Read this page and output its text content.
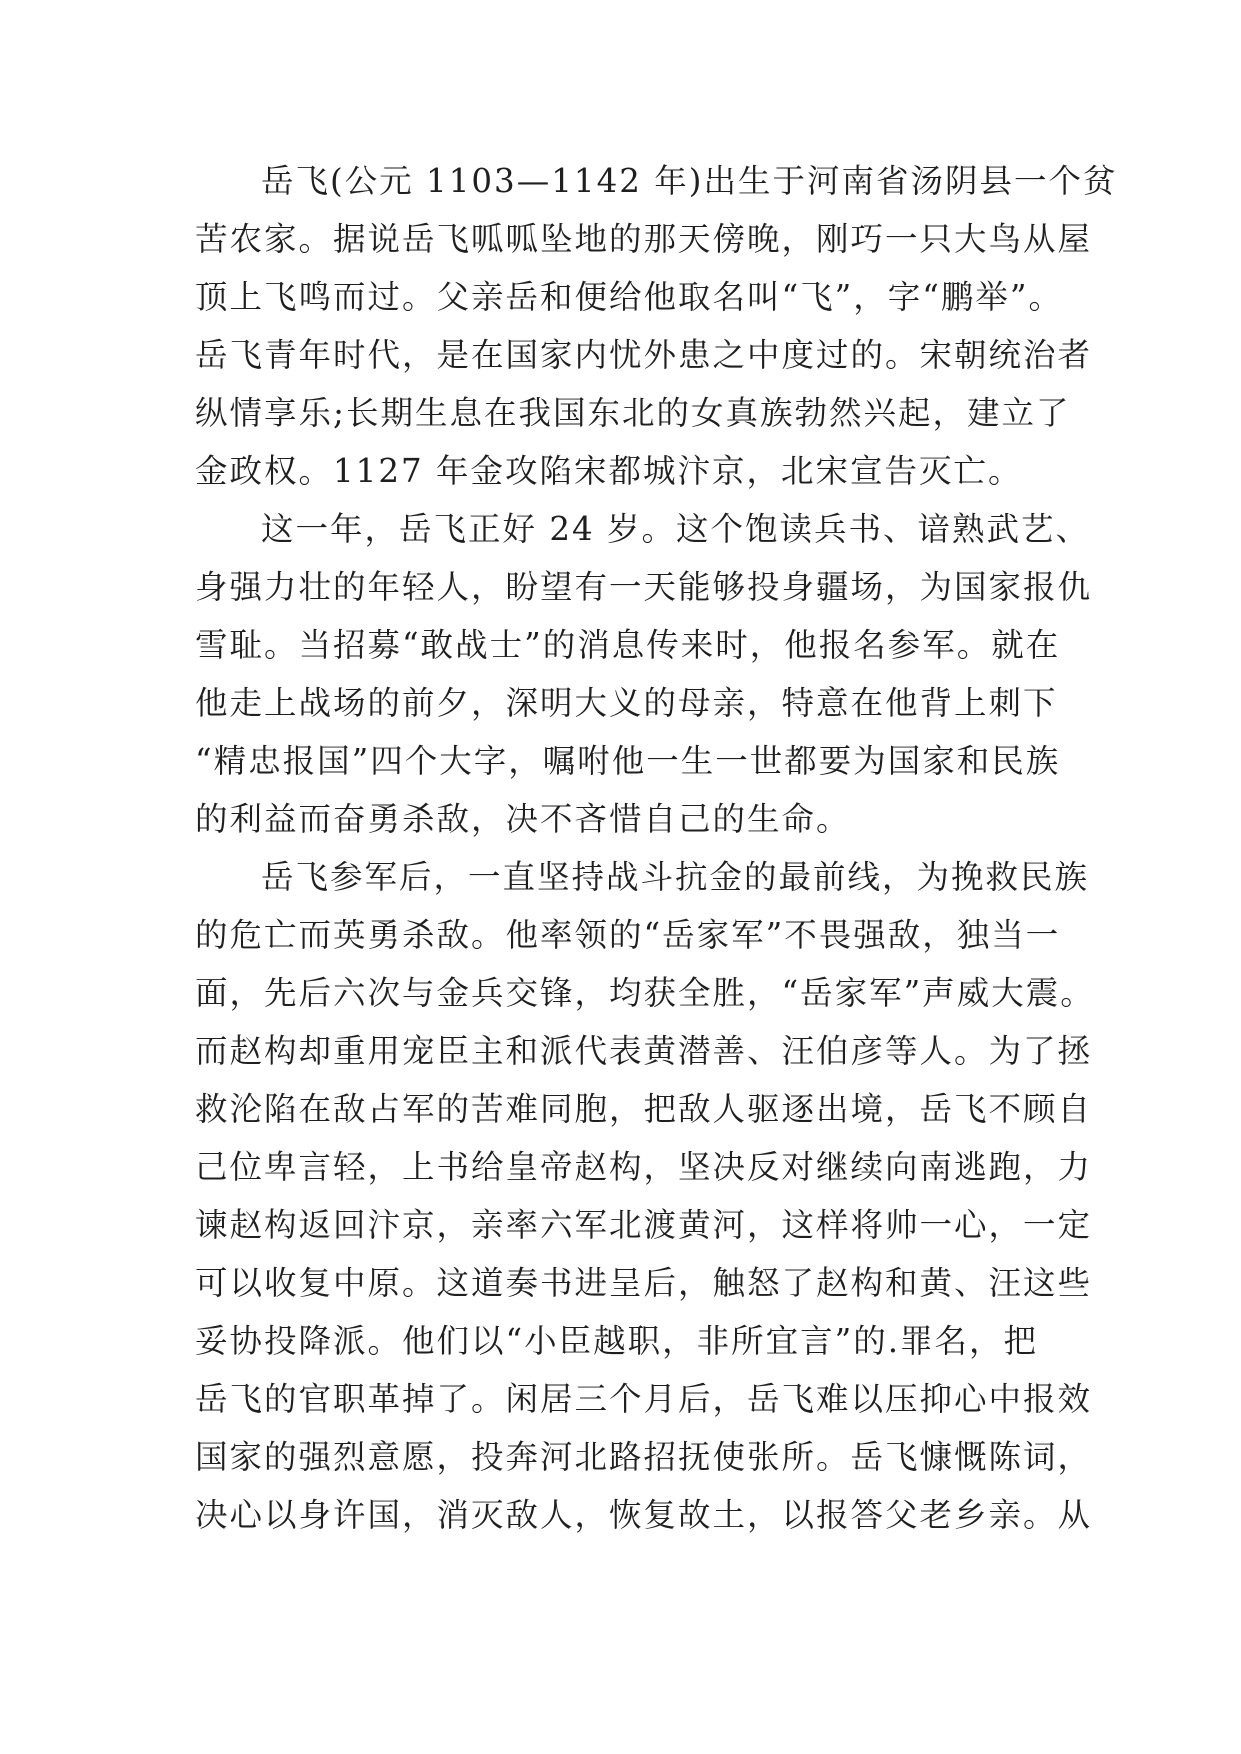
岳飞(公元 1103—1142 年)出生于河南省汤阴县一个贫
苦农家。据说岳飞呱呱坠地的那天傍晚，刚巧一只大鸟从屋
顶上飞鸣而过。父亲岳和便给他取名叫“飞”，字“鹏举”。
岳飞青年时代，是在国家内忧外患之中度过的。宋朝统治者
纵情享乐;长期生息在我国东北的女真族勃然兴起，建立了
金政权。1127 年金攻陷宋都城汴京，北宋宣告灭亡。
这一年，岳飞正好 24 岁。这个饱读兵书、谙熟武艺、
身强力壮的年轻人，盼望有一天能够投身疆场，为国家报仇
雪耻。当招募“敢战士”的消息传来时，他报名参军。就在
他走上战场的前夕，深明大义的母亲，特意在他背上刺下
“精忠报国”四个大字，嘱咐他一生一世都要为国家和民族
的利益而奋勇杀敌，决不吝惜自己的生命。
岳飞参军后，一直坚持战斗抗金的最前线，为挽救民族
的危亡而英勇杀敌。他率领的“岳家军”不畏强敌，独当一
面，先后六次与金兵交锋，均获全胜，“岳家军”声威大震。
而赵构却重用宠臣主和派代表黄潜善、汪伯彦等人。为了拯
救沦陷在敌占军的苦难同胞，把敌人驱逐出境，岳飞不顾自
己位卑言轻，上书给皇帝赵构，坚决反对继续向南逃跑，力
谏赵构返回汴京，亲率六军北渡黄河，这样将帅一心，一定
可以收复中原。这道奏书进呈后，触怒了赵构和黄、汪这些
妥协投降派。他们以“小臣越职，非所宜言”的.罪名，把
岳飞的官职革掉了。闲居三个月后，岳飞难以压抑心中报效
国家的强烈意愿，投奔河北路招抚使张所。岳飞慷慨陈词，
决心以身许国，消灭敌人，恢复故土，以报答父老乡亲。从
